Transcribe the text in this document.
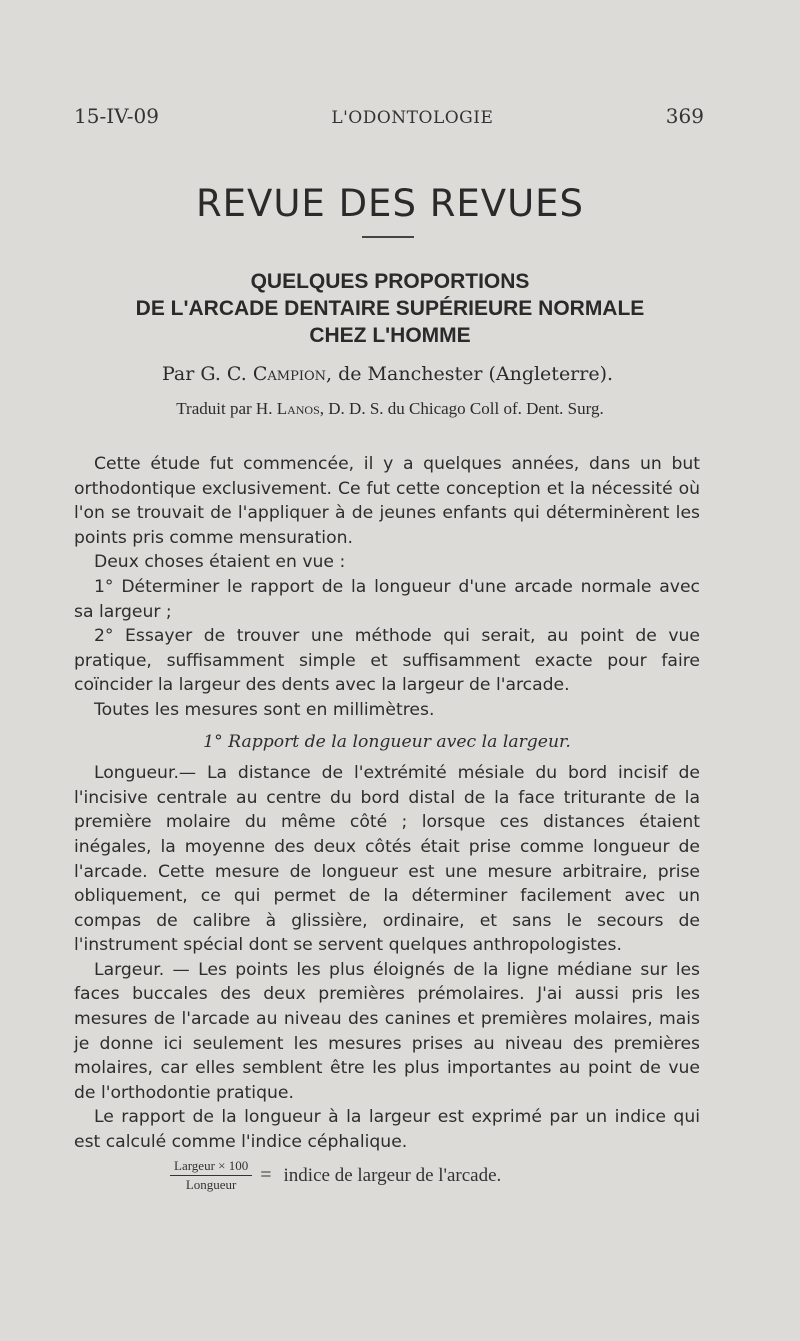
15-IV-09	L'ODONTOLOGIE	369
REVUE DES REVUES
QUELQUES PROPORTIONS
DE L'ARCADE DENTAIRE SUPÉRIEURE NORMALE
CHEZ L'HOMME
Par G. C. Campion, de Manchester (Angleterre).
Traduit par H. Lanos, D. D. S. du Chicago Coll of. Dent. Surg.

Cette étude fut commencée, il y a quelques années, dans un but orthodontique exclusivement. Ce fut cette conception et la nécessité où l'on se trouvait de l'appliquer à de jeunes enfants qui déterminèrent les points pris comme mensuration.

Deux choses étaient en vue :

1° Déterminer le rapport de la longueur d'une arcade normale avec sa largeur ;

2° Essayer de trouver une méthode qui serait, au point de vue pratique, suffisamment simple et suffisamment exacte pour faire coïncider la largeur des dents avec la largeur de l'arcade.

Toutes les mesures sont en millimètres.

1° Rapport de la longueur avec la largeur.

Longueur.— La distance de l'extrémité mésiale du bord incisif de l'incisive centrale au centre du bord distal de la face triturante de la première molaire du même côté ; lorsque ces distances étaient inégales, la moyenne des deux côtés était prise comme longueur de l'arcade. Cette mesure de longueur est une mesure arbitraire, prise obliquement, ce qui permet de la déterminer facilement avec un compas de calibre à glissière, ordinaire, et sans le secours de l'instrument spécial dont se servent quelques anthropologistes.

Largeur. — Les points les plus éloignés de la ligne médiane sur les faces buccales des deux premières prémolaires. J'ai aussi pris les mesures de l'arcade au niveau des canines et premières molaires, mais je donne ici seulement les mesures prises au niveau des premières molaires, car elles semblent être les plus importantes au point de vue de l'orthodontie pratique.

Le rapport de la longueur à la largeur est exprimé par un indice qui est calculé comme l'indice céphalique.

$\frac{\text{Largeur × 100}}{\text{Longueur}}$ = indice de largeur de l'arcade.
